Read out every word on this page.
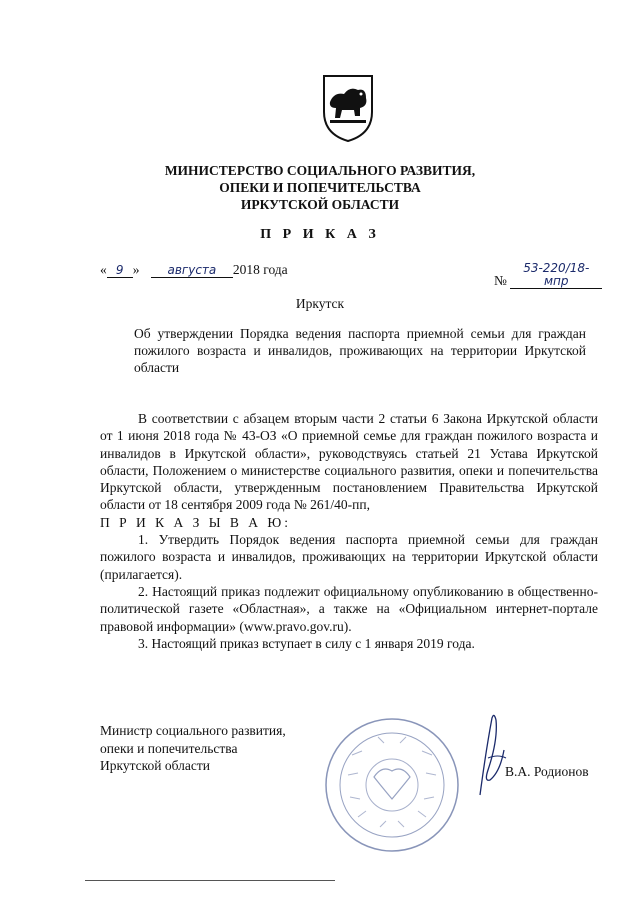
МИНИСТЕРСТВО СОЦИАЛЬНОГО РАЗВИТИЯ,
ОПЕКИ И ПОПЕЧИТЕЛЬСТВА
ИРКУТСКОЙ ОБЛАСТИ
П Р И К А З
« 9 » августа 2018 года
№ 53-220/18-мпр
Иркутск
Об утверждении Порядка ведения паспорта приемной семьи для граждан пожилого возраста и инвалидов, проживающих на территории Иркутской области

В соответствии с абзацем вторым части 2 статьи 6 Закона Иркутской области от 1 июня 2018 года № 43-ОЗ «О приемной семье для граждан пожилого возраста и инвалидов в Иркутской области», руководствуясь статьей 21 Устава Иркутской области, Положением о министерстве социального развития, опеки и попечительства Иркутской области, утвержденным постановлением Правительства Иркутской области от 18 сентября 2009 года № 261/40-пп,

П Р И К А З Ы В А Ю:

1. Утвердить Порядок ведения паспорта приемной семьи для граждан пожилого возраста и инвалидов, проживающих на территории Иркутской области (прилагается).

2. Настоящий приказ подлежит официальному опубликованию в общественно-политической газете «Областная», а также на «Официальном интернет-портале правовой информации» (www.pravo.gov.ru).

3. Настоящий приказ вступает в силу с 1 января 2019 года.

Министр социального развития,
опеки и попечительства
Иркутской области	В.А. Родионов
